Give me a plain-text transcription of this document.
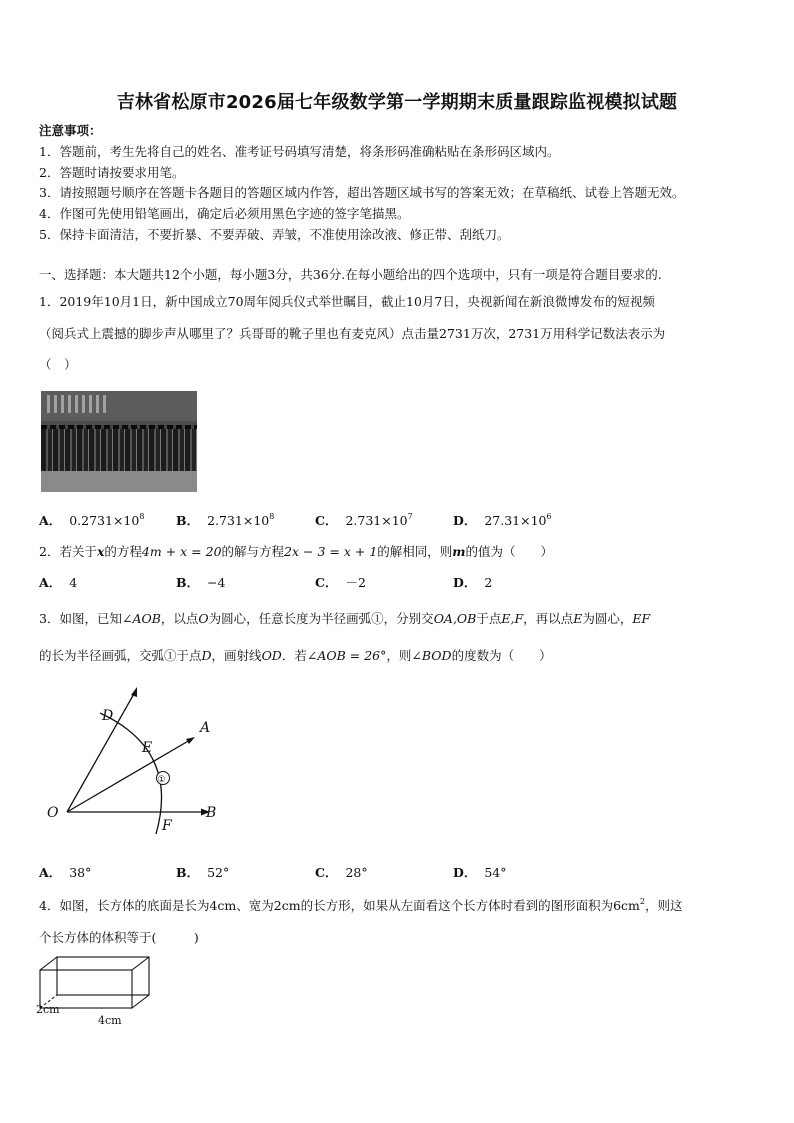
吉林省松原市2026届七年级数学第一学期期末质量跟踪监视模拟试题
注意事项：
1．答题前，考生先将自己的姓名、准考证号码填写清楚，将条形码准确粘贴在条形码区域内。
2．答题时请按要求用笔。
3．请按照题号顺序在答题卡各题目的答题区域内作答，超出答题区域书写的答案无效；在草稿纸、试卷上答题无效。
4．作图可先使用铅笔画出，确定后必须用黑色字迹的签字笔描黑。
5．保持卡面清洁，不要折暴、不要弄破、弄皱，不准使用涂改液、修正带、刮纸刀。
一、选择题：本大题共12个小题，每小题3分，共36分.在每小题给出的四个选项中，只有一项是符合题目要求的.
1．2019年10月1日，新中国成立70周年阅兵仪式举世瞩目，截止10月7日，央视新闻在新浪微博发布的短视频
（阅兵式上震撼的脚步声从哪里了？兵哥哥的靴子里也有麦克风）点击量2731万次，2731万用科学记数法表示为
（　）
A． $0.2731\times 10^8$	B． $2.731\times 10^8$	C． $2.731\times 10^7$	D． $27.31\times 10^6$
2．若关于x的方程4m + x = 20的解与方程2x − 3 = x + 1的解相同，则m的值为（　　）
A． 4	B． −4	C． －2	D． 2
3．如图，已知∠AOB，以点O为圆心，任意长度为半径画弧①，分别交OA,OB于点E,F，再以点E为圆心，EF
的长为半径画弧，交弧①于点D，画射线OD．若∠AOB = 26°，则∠BOD的度数为（　　）
D
A
E
O	B
F
①
A． 38°	B． 52°	C． 28°	D． 54°
4．如图，长方体的底面是长为4cm、宽为2cm的长方形，如果从左面看这个长方体时看到的图形面积为$6cm^2$，则这
个长方体的体积等于(　　　)
2cm
4cm
